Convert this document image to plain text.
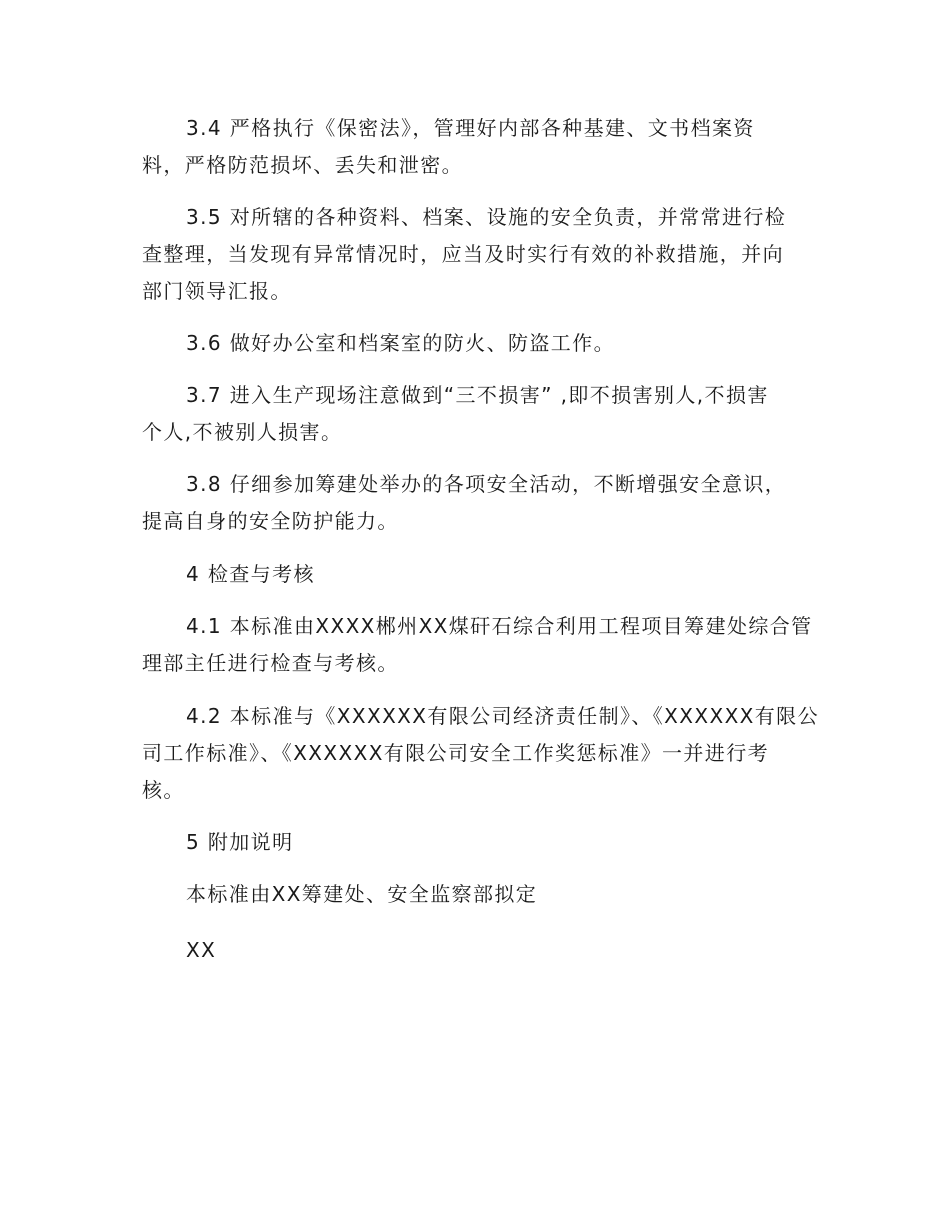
3.4 严格执行《保密法》，管理好内部各种基建、文书档案资
料，严格防范损坏、丢失和泄密。
3.5 对所辖的各种资料、档案、设施的安全负责，并常常进行检
查整理，当发现有异常情况时，应当及时实行有效的补救措施，并向
部门领导汇报。
3.6 做好办公室和档案室的防火、防盗工作。
3.7 进入生产现场注意做到“三不损害” ,即不损害别人,不损害
个人,不被别人损害。
3.8 仔细参加筹建处举办的各项安全活动，不断增强安全意识，
提高自身的安全防护能力。
4 检查与考核
4.1 本标准由XXXX郴州XX煤矸石综合利用工程项目筹建处综合管
理部主任进行检查与考核。
4.2 本标准与《XXXXXX有限公司经济责任制》、《XXXXXX有限公
司工作标准》、《XXXXXX有限公司安全工作奖惩标准》一并进行考
核。
5 附加说明
本标准由XX筹建处、安全监察部拟定
XX
